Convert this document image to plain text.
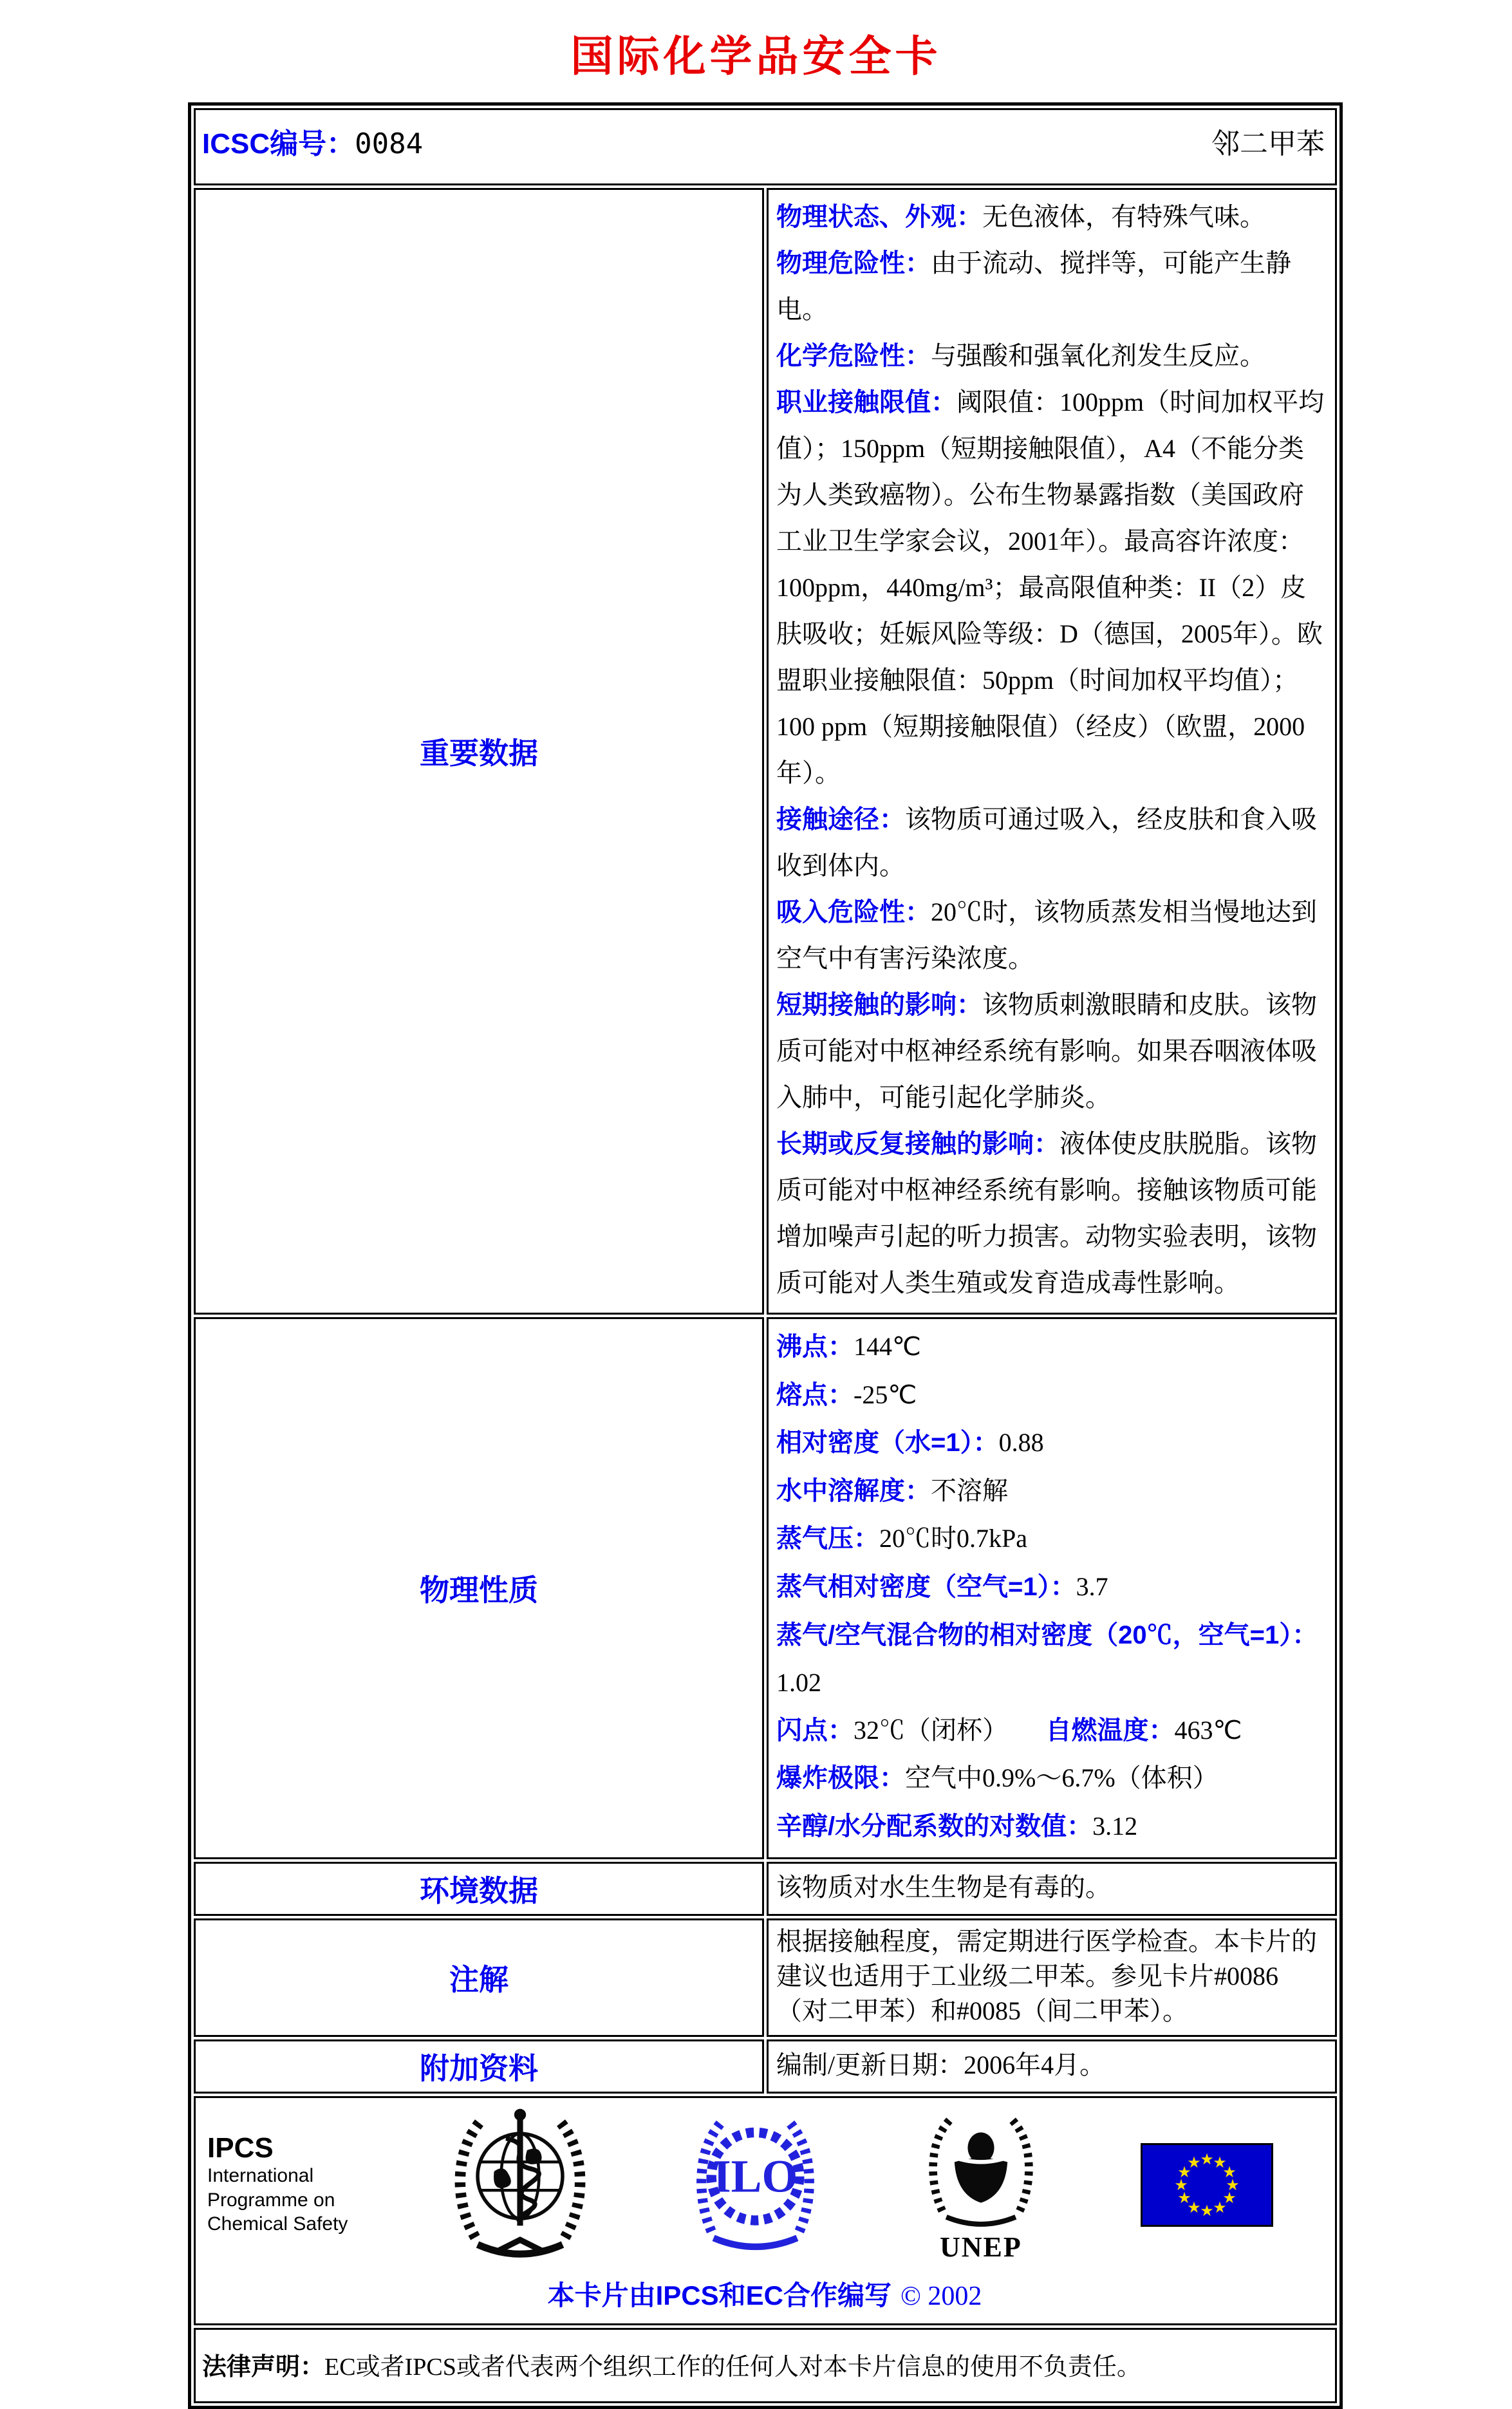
国际化学品安全卡
ICSC编号：0084 邻二甲苯	

重要数据	

物理状态、外观：无色液体，有特殊气味。

物理危险性：由于流动、搅拌等，可能产生静电。

化学危险性：与强酸和强氧化剂发生反应。

职业接触限值：阈限值：100ppm（时间加权平均值）；150ppm（短期接触限值），A4（不能分类为人类致癌物）。公布生物暴露指数（美国政府工业卫生学家会议，2001年）。最高容许浓度：100ppm，440mg/m³；最高限值种类：II（2）皮肤吸收；妊娠风险等级：D（德国，2005年）。欧盟职业接触限值：50ppm（时间加权平均值）；100 ppm（短期接触限值）（经皮）（欧盟，2000年）。

接触途径：该物质可通过吸入，经皮肤和食入吸收到体内。

吸入危险性：20℃时，该物质蒸发相当慢地达到空气中有害污染浓度。

短期接触的影响：该物质刺激眼睛和皮肤。该物质可能对中枢神经系统有影响。如果吞咽液体吸入肺中，可能引起化学肺炎。

长期或反复接触的影响：液体使皮肤脱脂。该物质可能对中枢神经系统有影响。接触该物质可能增加噪声引起的听力损害。动物实验表明，该物质可能对人类生殖或发育造成毒性影响。

物理性质	

沸点：144℃

熔点：-25℃

相对密度（水=1）：0.88

水中溶解度：不溶解

蒸气压：20℃时0.7kPa

蒸气相对密度（空气=1）：3.7

蒸气/空气混合物的相对密度（20℃，空气=1）：1.02

闪点：32℃（闭杯） 自燃温度：463℃

爆炸极限：空气中0.9%～6.7%（体积）

辛醇/水分配系数的对数值：3.12

环境数据	该物质对水生生物是有毒的。
注解	根据接触程度，需定期进行医学检查。本卡片的建议也适用于工业级二甲苯。参见卡片#0086（对二甲苯）和#0085（间二甲苯）。
附加资料	编制/更新日期：2006年4月。

IPCS
International
Programme on
Chemical Safety
ILO
UNEP
★
★
★
★
★
★
★
★
★
★
★
★
本卡片由IPCS和EC合作编写 © 2002

法律声明：EC或者IPCS或者代表两个组织工作的任何人对本卡片信息的使用不负责任。	
